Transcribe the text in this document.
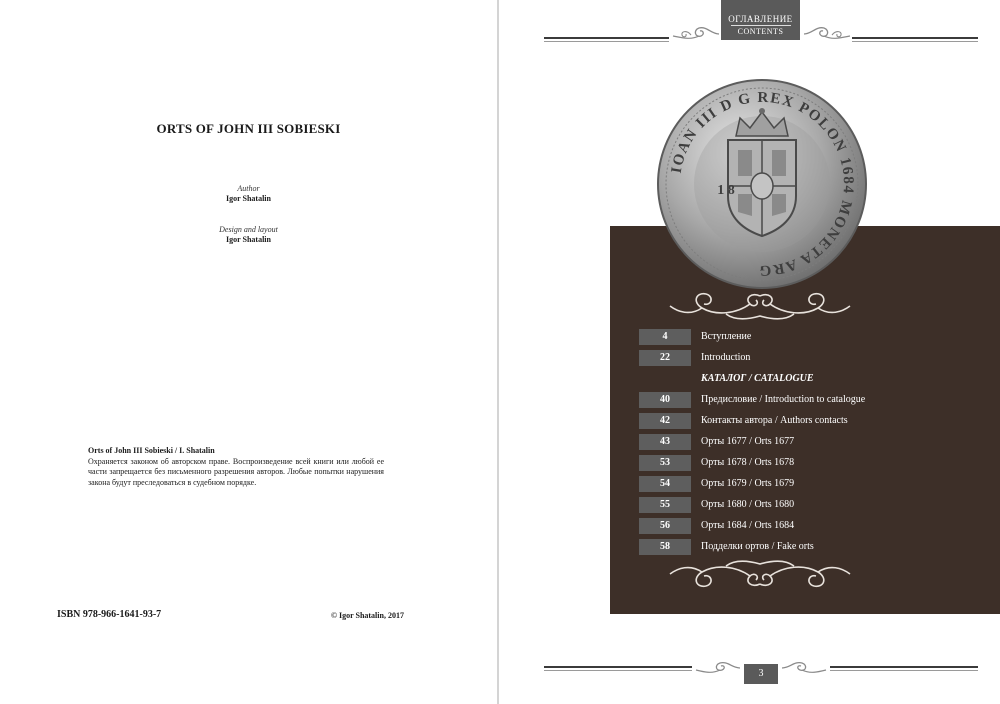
ORTS OF JOHN III SOBIESKI
Author
Igor Shatalin
Design and layout
Igor Shatalin
Orts of John III Sobieski / I. Shatalin
Охраняется законом об авторском праве. Воспроизведение всей книги или любой ее части запрещается без письменного разрешения авторов. Любые попытки нарушения закона будут преследоваться в судебном порядке.
ISBN 978-966-1641-93-7	© Igor Shatalin, 2017
ОГЛАВЛЕНИЕ
CONTENTS
4	Вступление
22	Introduction
КАТАЛОГ / CATALOGUE
40	Предисловие / Introduction to catalogue
42	Контакты автора / Authors contacts
43	Орты 1677 / Orts 1677
53	Орты 1678 / Orts 1678
54	Орты 1679 / Orts 1679
55	Орты 1680 / Orts 1680
56	Орты 1684 / Orts 1684
58	Подделки ортов / Fake orts
IOAN III D G REX POLON 1684 MONETA ARG
1 8
3
